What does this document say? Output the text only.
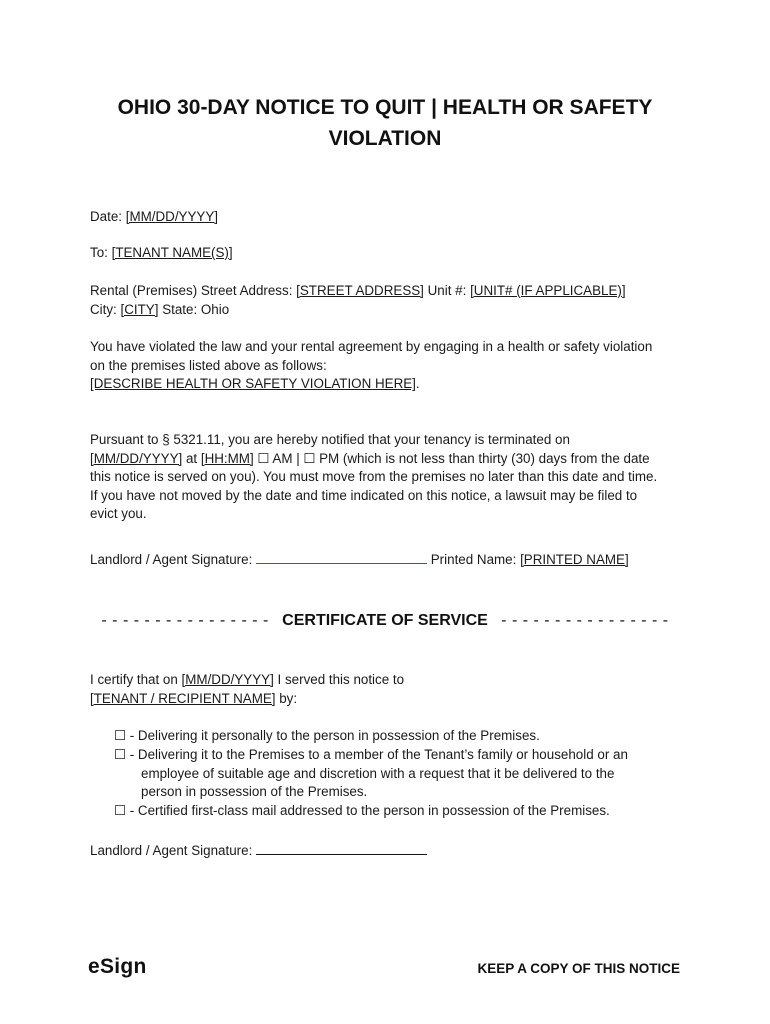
OHIO 30-DAY NOTICE TO QUIT | HEALTH OR SAFETY
VIOLATION
Date: [MM/DD/YYYY]
To: [TENANT NAME(S)]
Rental (Premises) Street Address: [STREET ADDRESS] Unit #: [UNIT# (IF APPLICABLE)]
City: [CITY] State: Ohio
You have violated the law and your rental agreement by engaging in a health or safety violation
on the premises listed above as follows:
[DESCRIBE HEALTH OR SAFETY VIOLATION HERE].
Pursuant to § 5321.11, you are hereby notified that your tenancy is terminated on
[MM/DD/YYYY] at [HH:MM] ☐ AM | ☐ PM (which is not less than thirty (30) days from the date
this notice is served on you). You must move from the premises no later than this date and time.
If you have not moved by the date and time indicated on this notice, a lawsuit may be filed to
evict you.
Landlord / Agent Signature:	Printed Name: [PRINTED NAME]
- - - - - - - - - - - - - - - - CERTIFICATE OF SERVICE - - - - - - - - - - - - - - - -
I certify that on [MM/DD/YYYY] I served this notice to
[TENANT / RECIPIENT NAME] by:
☐ - Delivering it personally to the person in possession of the Premises.
☐ - Delivering it to the Premises to a member of the Tenant’s family or household or an
employee of suitable age and discretion with a request that it be delivered to the
person in possession of the Premises.
☐ - Certified first-class mail addressed to the person in possession of the Premises.
Landlord / Agent Signature:
eSign	KEEP A COPY OF THIS NOTICE
